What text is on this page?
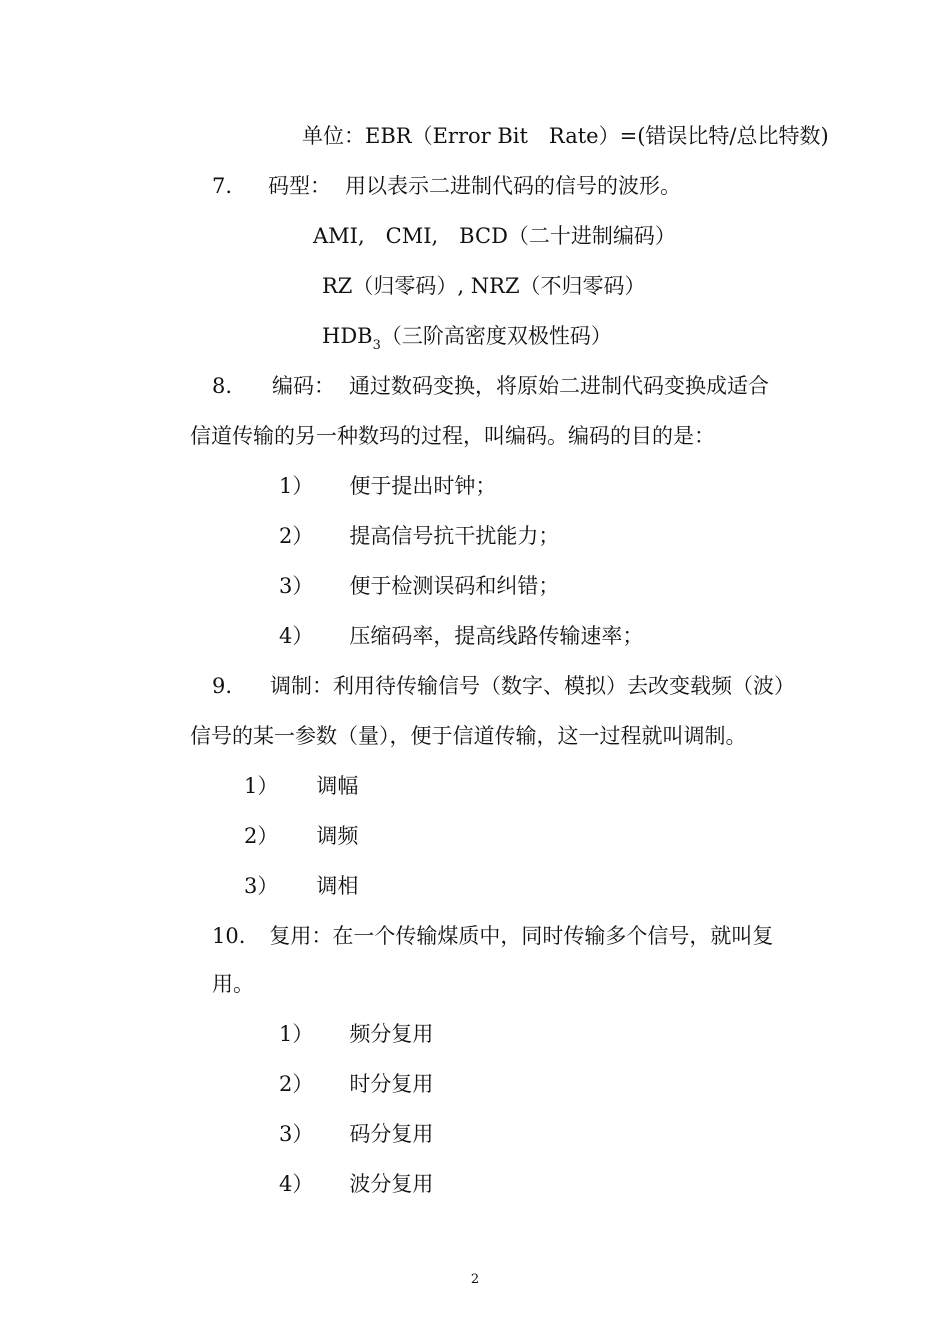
单位：EBR（Error Bit　Rate）=(错误比特/总比特数)
7. 码型： 用以表示二进制代码的信号的波形。
AMI,　CMI,　BCD（二十进制编码）
RZ（归零码）, NRZ（不归零码）
$HDB_3$（三阶高密度双极性码）
8. 编码： 通过数码变换，将原始二进制代码变换成适合
信道传输的另一种数玛的过程，叫编码。编码的目的是：
1） 便于提出时钟；
2） 提高信号抗干扰能力；
3） 便于检测误码和纠错；
4） 压缩码率，提高线路传输速率；
9. 调制：利用待传输信号（数字、模拟）去改变载频（波）
信号的某一参数（量），便于信道传输，这一过程就叫调制。
1） 调幅
2） 调频
3） 调相
10. 复用：在一个传输煤质中，同时传输多个信号，就叫复
用。
1） 频分复用
2） 时分复用
3） 码分复用
4） 波分复用
2
